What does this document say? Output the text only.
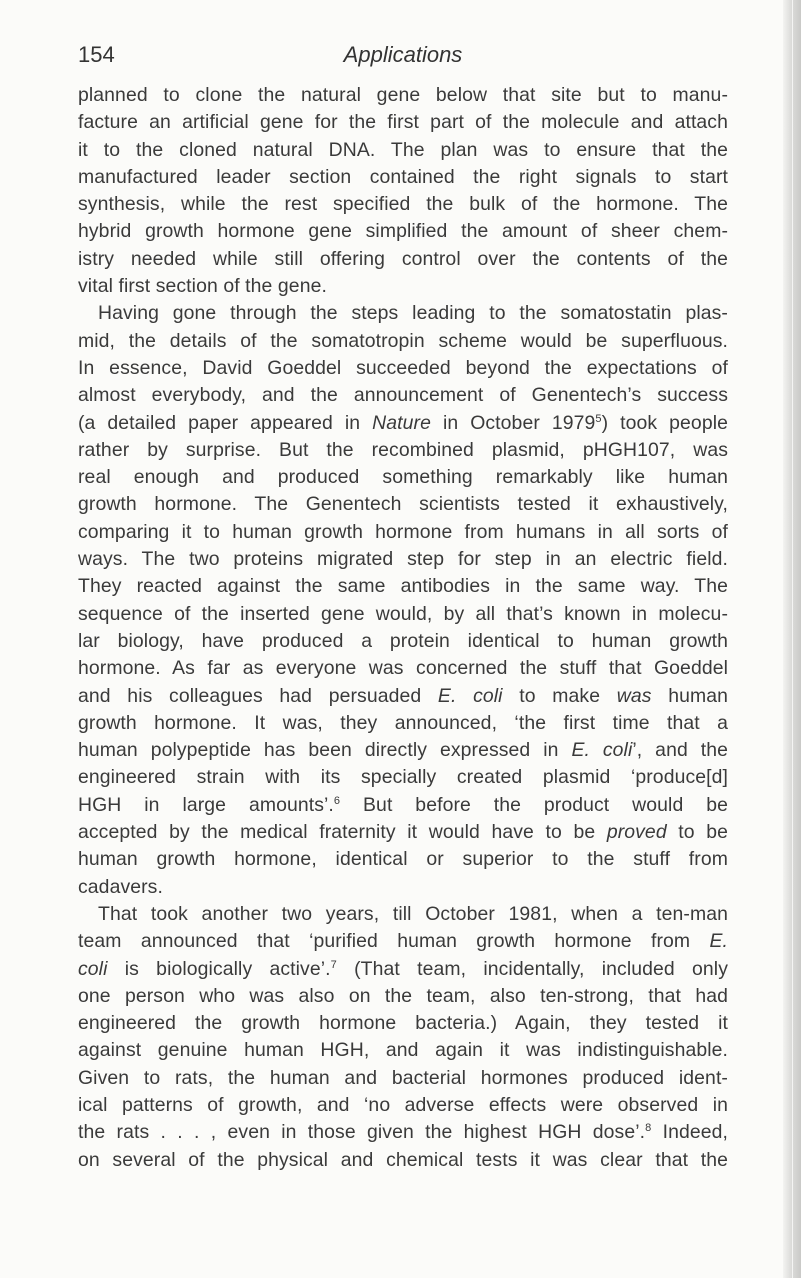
154	Applications

planned to clone the natural gene below that site but to manu-
facture an artificial gene for the first part of the molecule and attach
it to the cloned natural DNA. The plan was to ensure that the
manufactured leader section contained the right signals to start
synthesis, while the rest specified the bulk of the hormone. The
hybrid growth hormone gene simplified the amount of sheer chem-
istry needed while still offering control over the contents of the
vital first section of the gene.

Having gone through the steps leading to the somatostatin plas-
mid, the details of the somatotropin scheme would be superfluous.
In essence, David Goeddel succeeded beyond the expectations of
almost everybody, and the announcement of Genentech’s success
(a detailed paper appeared in Nature in October 1979$^5$) took people
rather by surprise. But the recombined plasmid, pHGH107, was
real enough and produced something remarkably like human
growth hormone. The Genentech scientists tested it exhaustively,
comparing it to human growth hormone from humans in all sorts of
ways. The two proteins migrated step for step in an electric field.
They reacted against the same antibodies in the same way. The
sequence of the inserted gene would, by all that’s known in molecu-
lar biology, have produced a protein identical to human growth
hormone. As far as everyone was concerned the stuff that Goeddel
and his colleagues had persuaded E. coli to make was human
growth hormone. It was, they announced, ‘the first time that a
human polypeptide has been directly expressed in E. coli’, and the
engineered strain with its specially created plasmid ‘produce[d]
HGH in large amounts’.$^6$ But before the product would be
accepted by the medical fraternity it would have to be proved to be
human growth hormone, identical or superior to the stuff from
cadavers.

That took another two years, till October 1981, when a ten-man
team announced that ‘purified human growth hormone from E.
coli is biologically active’.$^7$ (That team, incidentally, included only
one person who was also on the team, also ten-strong, that had
engineered the growth hormone bacteria.) Again, they tested it
against genuine human HGH, and again it was indistinguishable.
Given to rats, the human and bacterial hormones produced ident-
ical patterns of growth, and ‘no adverse effects were observed in
the rats . . . , even in those given the highest HGH dose’.$^8$ Indeed,
on several of the physical and chemical tests it was clear that the
